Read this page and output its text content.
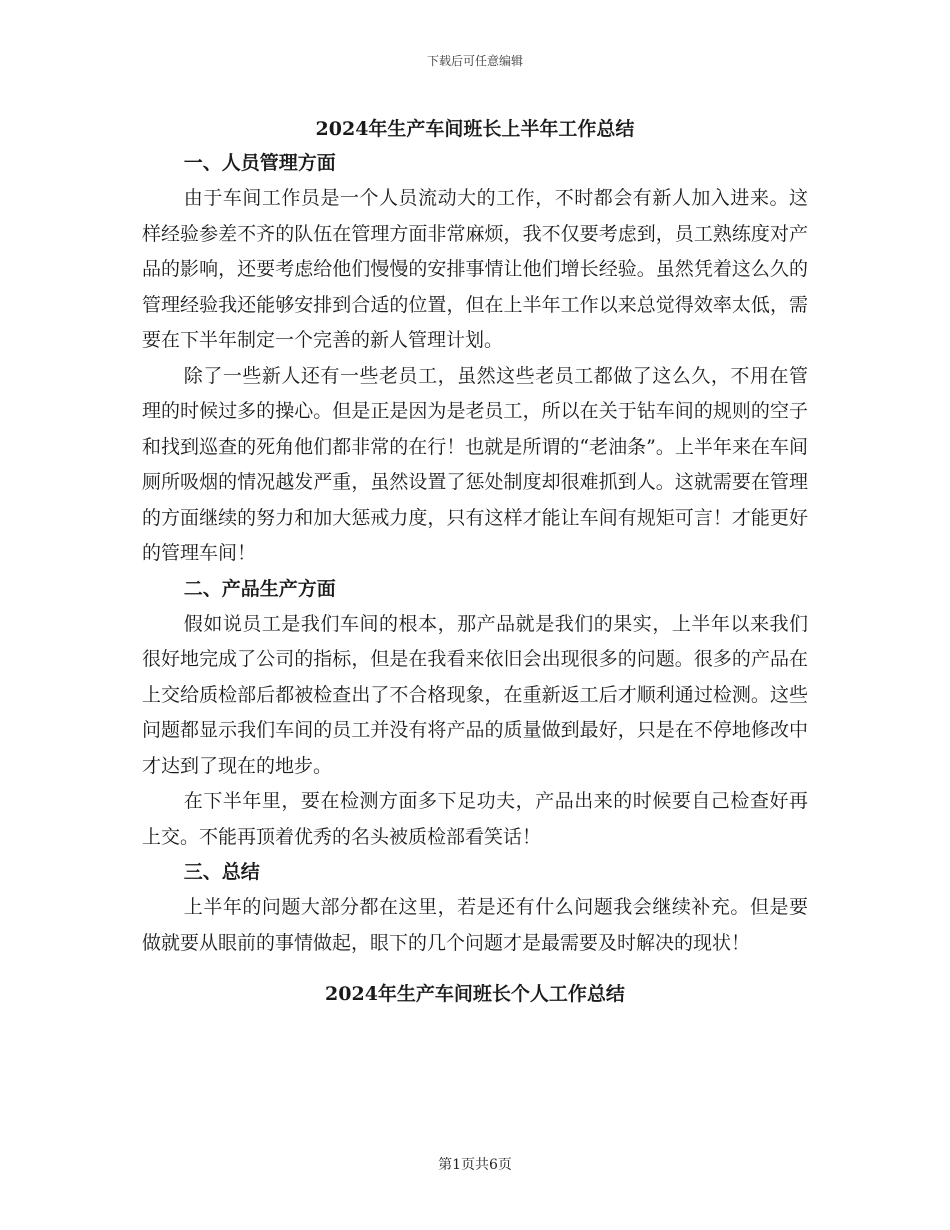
下载后可任意编辑
2024年生产车间班长上半年工作总结
一、人员管理方面

由于车间工作员是一个人员流动大的工作，不时都会有新人加入进来。这样经验参差不齐的队伍在管理方面非常麻烦，我不仅要考虑到，员工熟练度对产品的影响，还要考虑给他们慢慢的安排事情让他们增长经验。虽然凭着这么久的管理经验我还能够安排到合适的位置，但在上半年工作以来总觉得效率太低，需要在下半年制定一个完善的新人管理计划。

除了一些新人还有一些老员工，虽然这些老员工都做了这么久，不用在管理的时候过多的操心。但是正是因为是老员工，所以在关于钻车间的规则的空子和找到巡查的死角他们都非常的在行！也就是所谓的“老油条”。上半年来在车间厕所吸烟的情况越发严重，虽然设置了惩处制度却很难抓到人。这就需要在管理的方面继续的努力和加大惩戒力度，只有这样才能让车间有规矩可言！才能更好的管理车间！

二、产品生产方面

假如说员工是我们车间的根本，那产品就是我们的果实，上半年以来我们很好地完成了公司的指标，但是在我看来依旧会出现很多的问题。很多的产品在上交给质检部后都被检查出了不合格现象，在重新返工后才顺利通过检测。这些问题都显示我们车间的员工并没有将产品的质量做到最好，只是在不停地修改中才达到了现在的地步。

在下半年里，要在检测方面多下足功夫，产品出来的时候要自己检查好再上交。不能再顶着优秀的名头被质检部看笑话！

三、总结

上半年的问题大部分都在这里，若是还有什么问题我会继续补充。但是要做就要从眼前的事情做起，眼下的几个问题才是最需要及时解决的现状！

2024年生产车间班长个人工作总结
第1页共6页
